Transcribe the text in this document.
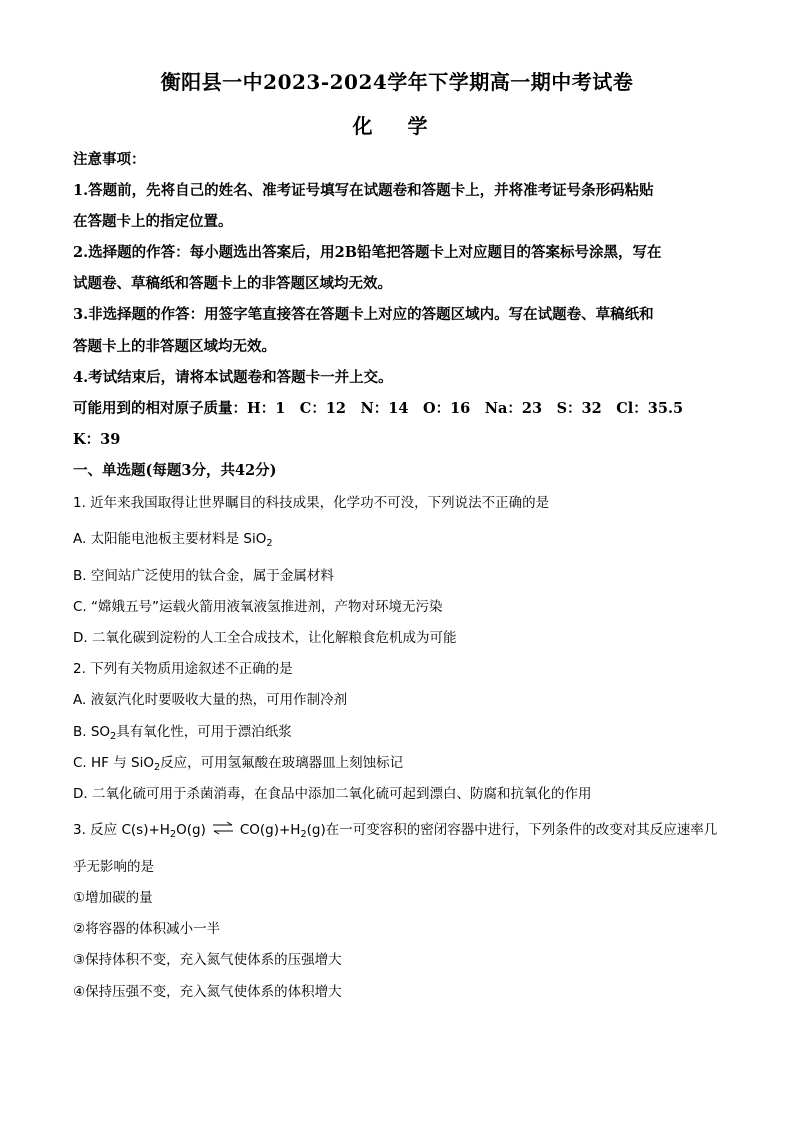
衡阳县一中2023-2024学年下学期高一期中考试卷
化 学
注意事项：
1.答题前，先将自己的姓名、准考证号填写在试题卷和答题卡上，并将准考证号条形码粘贴
在答题卡上的指定位置。
2.选择题的作答：每小题选出答案后，用2B铅笔把答题卡上对应题目的答案标号涂黑，写在
试题卷、草稿纸和答题卡上的非答题区域均无效。
3.非选择题的作答：用签字笔直接答在答题卡上对应的答题区域内。写在试题卷、草稿纸和
答题卡上的非答题区域均无效。
4.考试结束后，请将本试题卷和答题卡一并上交。
可能用到的相对原子质量：H：1　C：12　N：14　O：16　Na：23　S：32　Cl：35.5
K：39
一、单选题(每题3分，共42分)
1. 近年来我国取得让世界瞩目的科技成果，化学功不可没，下列说法不正确的是
A. 太阳能电池板主要材料是 SiO$_2$
B. 空间站广泛使用的钛合金，属于金属材料
C. “嫦娥五号”运载火箭用液氧液氢推进剂，产物对环境无污染
D. 二氧化碳到淀粉的人工全合成技术，让化解粮食危机成为可能
2. 下列有关物质用途叙述不正确的是
A. 液氨汽化时要吸收大量的热，可用作制冷剂
B. $SO_2$具有氧化性，可用于漂泊纸浆
C. HF 与 SiO$_2$反应，可用氢氟酸在玻璃器皿上刻蚀标记
D. 二氧化硫可用于杀菌消毒，在食品中添加二氧化硫可起到漂白、防腐和抗氧化的作用
3. 反应 $C(s)+H_2O(g)$ ⇌ $CO(g)+H_2(g)$在一可变容积的密闭容器中进行，下列条件的改变对其反应速率几
乎无影响的是
①增加碳的量
②将容器的体积减小一半
③保持体积不变，充入氮气使体系的压强增大
④保持压强不变，充入氮气使体系的体积增大
